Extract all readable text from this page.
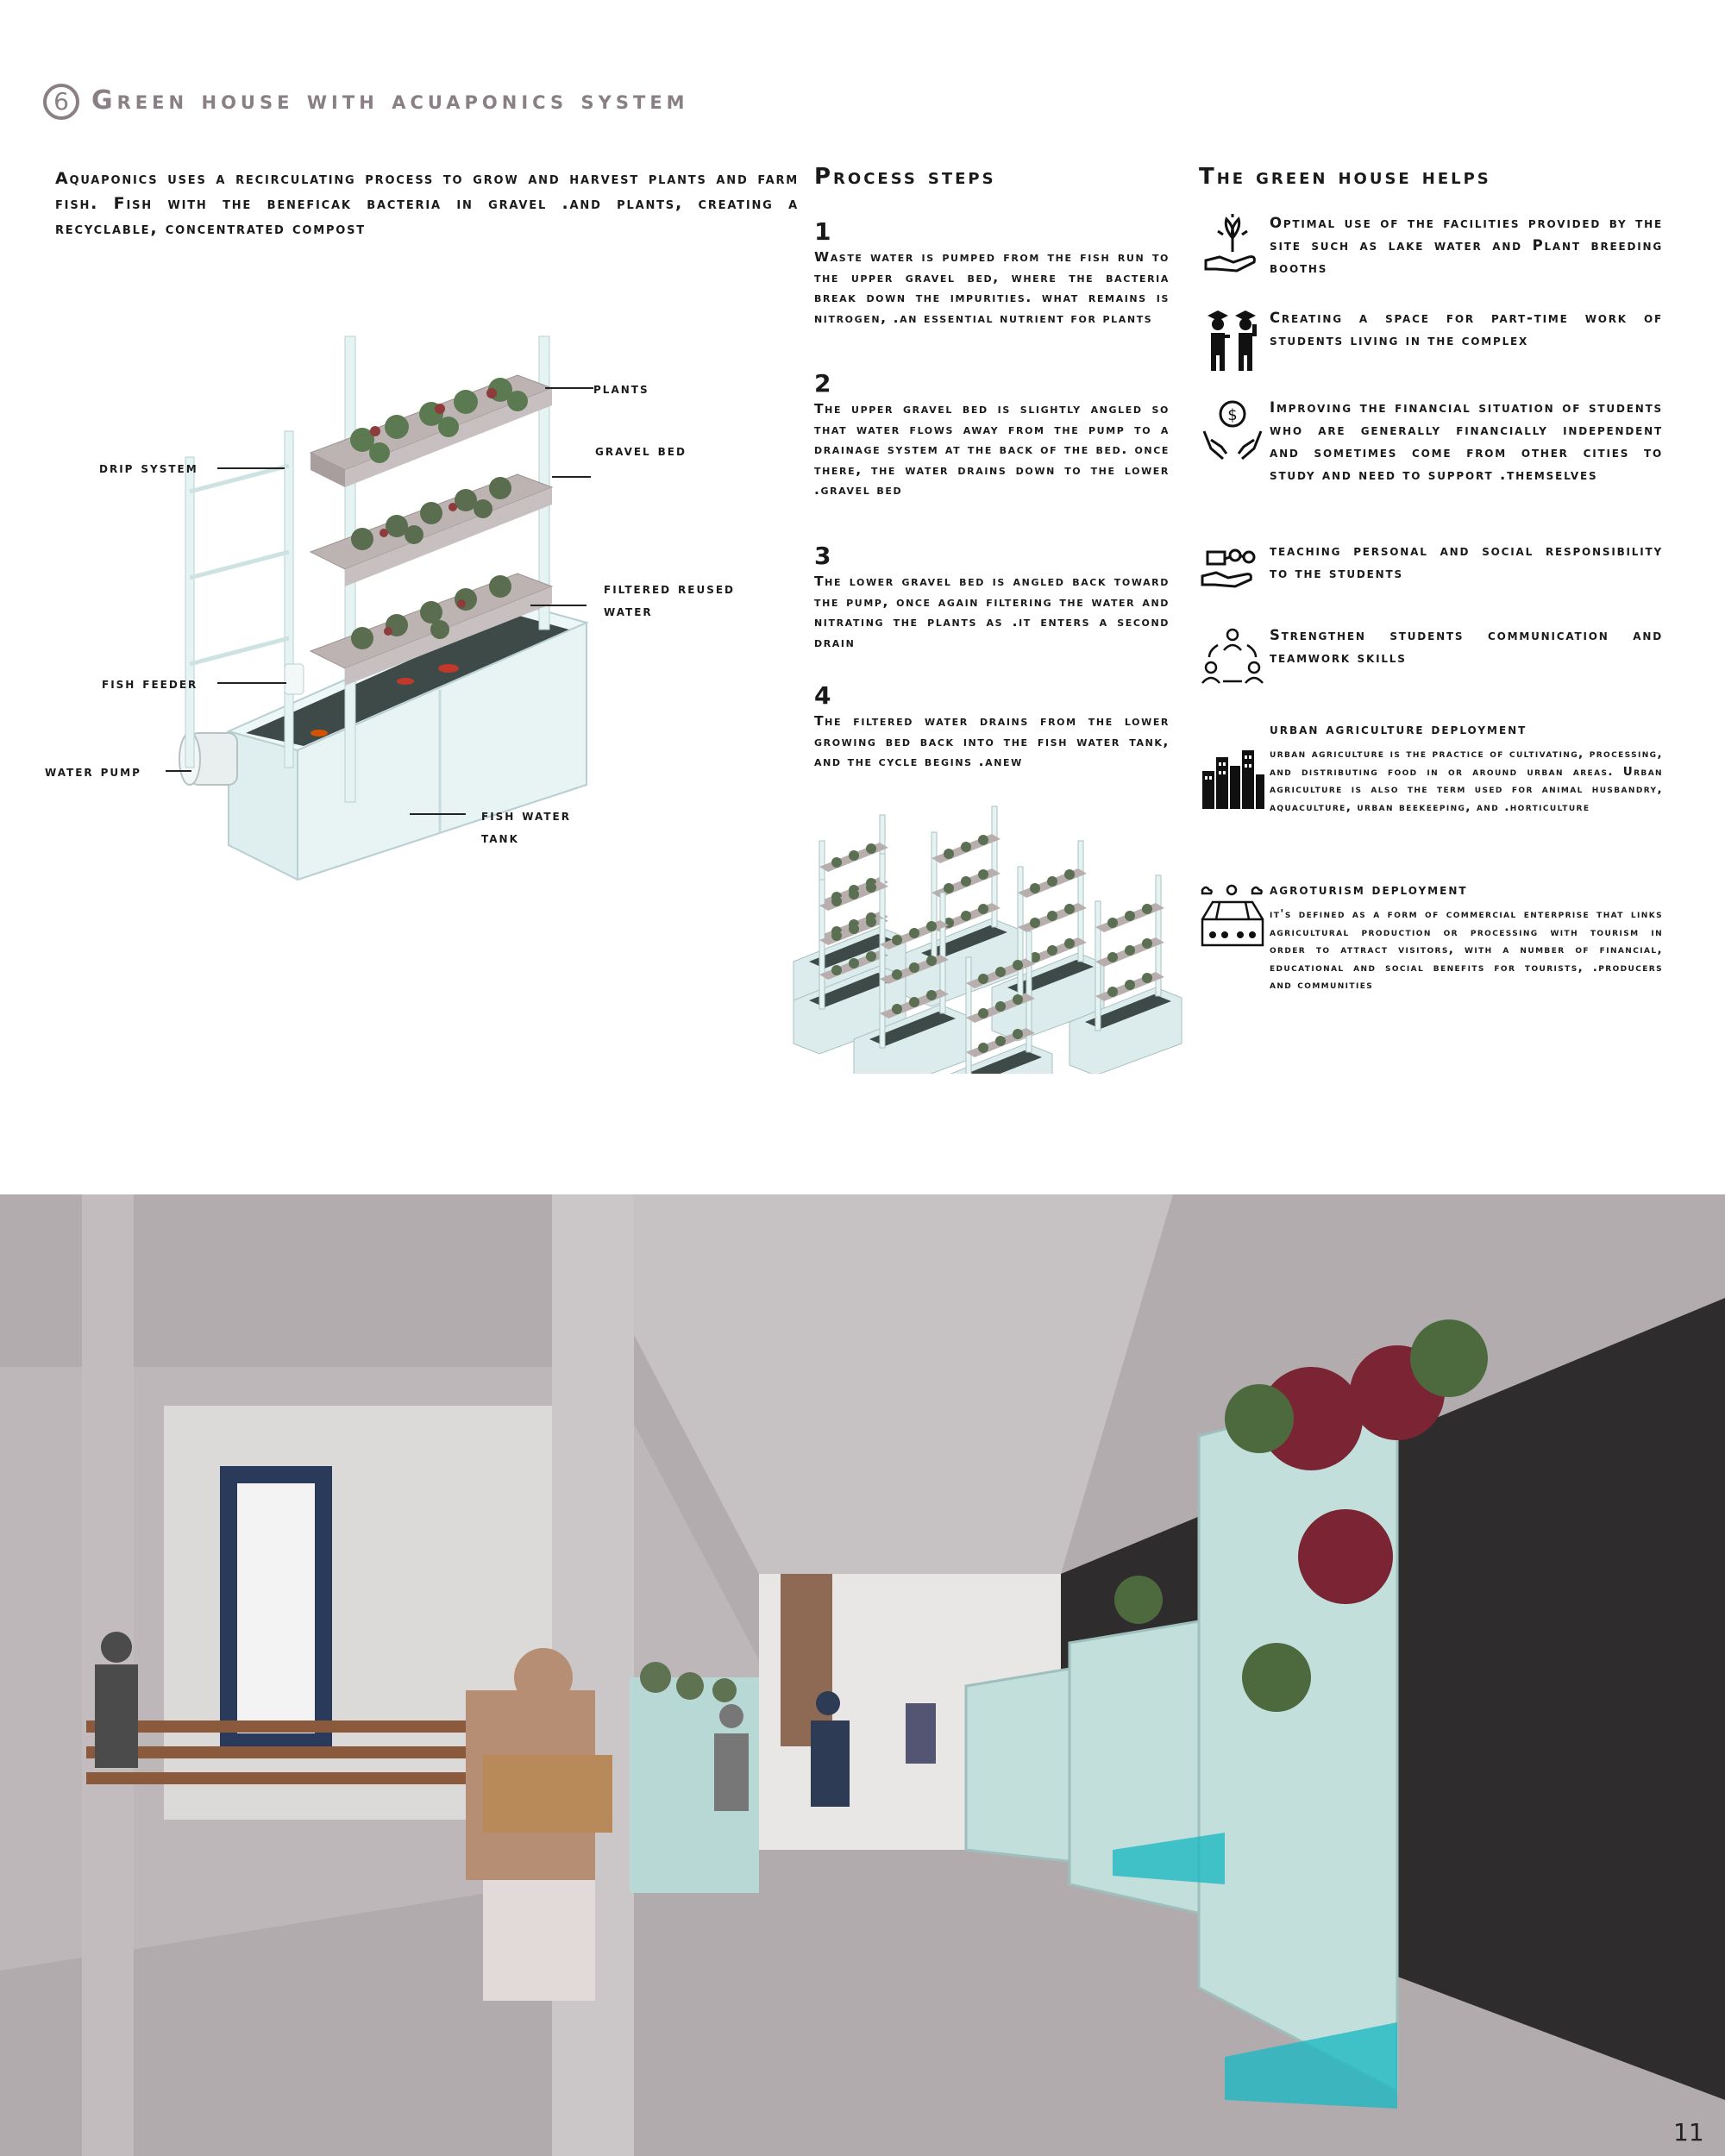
6 Green house with acuaponics system
Aquaponics uses a recirculating process to grow and harvest plants and farm fish. Fish with the beneficak bacteria in gravel .and plants, creating a recyclable, concentrated compost
plants
gravel bed
drip system
filtered reused water
fish feeder
water pump
fish water tank
Process steps
1
Waste water is pumped from the fish run to the upper gravel bed, where the bacteria break down the impurities. what remains is nitrogen, .an essential nutrient for plants
2
The upper gravel bed is slightly angled so that water flows away from the pump to a drainage system at the back of the bed. once there, the water drains down to the lower .gravel bed
3
The lower gravel bed is angled back toward the pump, once again filtering the water and nitrating the plants as .it enters a second drain
4
The filtered water drains from the lower growing bed back into the fish water tank, and the cycle begins .anew
The green house helps
Optimal use of the facilities provided by the site such as lake water and Plant breeding booths
Creating a space for part-time work of students living in the complex
$ Improving the financial situation of students who are generally financially independent and sometimes come from other cities to study and need to support .themselves
teaching personal and social responsibility to the students
Strengthen students communication and teamwork skills
urban agriculture deployment
urban agriculture is the practice of cultivating, processing, and distributing food in or around urban areas. Urban agriculture is also the term used for animal husbandry, aquaculture, urban beekeeping, and .horticulture
agroturism deployment
it's defined as a form of commercial enterprise that links agricultural production or processing with tourism in order to attract visitors, with a number of financial, educational and social benefits for tourists, .producers and communities
11
